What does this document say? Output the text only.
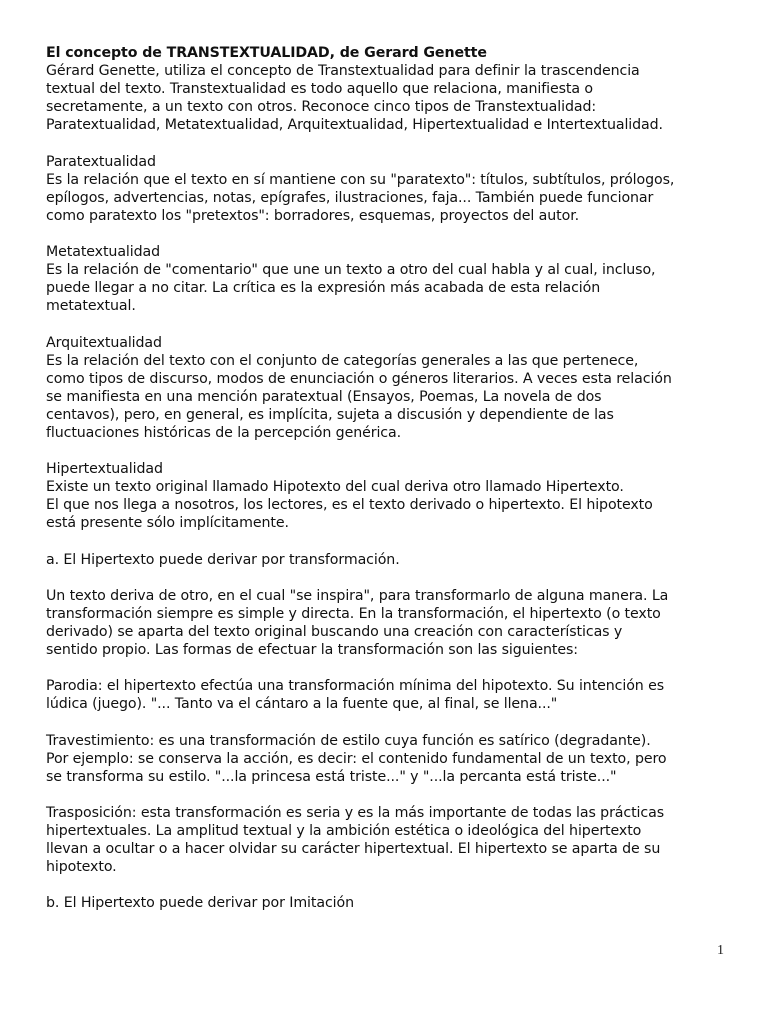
El concepto de TRANSTEXTUALIDAD, de Gerard Genette
Gérard Genette, utiliza el concepto de Transtextualidad para definir la trascendencia
textual del texto. Transtextualidad es todo aquello que relaciona, manifiesta o
secretamente, a un texto con otros. Reconoce cinco tipos de Transtextualidad:
Paratextualidad, Metatextualidad, Arquitextualidad, Hipertextualidad e Intertextualidad.

Paratextualidad
Es la relación que el texto en sí mantiene con su "paratexto": títulos, subtítulos, prólogos,
epílogos, advertencias, notas, epígrafes, ilustraciones, faja... También puede funcionar
como paratexto los "pretextos": borradores, esquemas, proyectos del autor.

Metatextualidad
Es la relación de "comentario" que une un texto a otro del cual habla y al cual, incluso,
puede llegar a no citar. La crítica es la expresión más acabada de esta relación
metatextual.

Arquitextualidad
Es la relación del texto con el conjunto de categorías generales a las que pertenece,
como tipos de discurso, modos de enunciación o géneros literarios. A veces esta relación
se manifiesta en una mención paratextual (Ensayos, Poemas, La novela de dos
centavos), pero, en general, es implícita, sujeta a discusión y dependiente de las
fluctuaciones históricas de la percepción genérica.

Hipertextualidad
Existe un texto original llamado Hipotexto del cual deriva otro llamado Hipertexto.
El que nos llega a nosotros, los lectores, es el texto derivado o hipertexto. El hipotexto
está presente sólo implícitamente.

a. El Hipertexto puede derivar por transformación.

Un texto deriva de otro, en el cual "se inspira", para transformarlo de alguna manera. La
transformación siempre es simple y directa. En la transformación, el hipertexto (o texto
derivado) se aparta del texto original buscando una creación con características y
sentido propio. Las formas de efectuar la transformación son las siguientes:

Parodia: el hipertexto efectúa una transformación mínima del hipotexto. Su intención es
lúdica (juego). "... Tanto va el cántaro a la fuente que, al final, se llena..."

Travestimiento: es una transformación de estilo cuya función es satírico (degradante).
Por ejemplo: se conserva la acción, es decir: el contenido fundamental de un texto, pero
se transforma su estilo. "...la princesa está triste..." y "...la percanta está triste..."

Trasposición: esta transformación es seria y es la más importante de todas las prácticas
hipertextuales. La amplitud textual y la ambición estética o ideológica del hipertexto
llevan a ocultar o a hacer olvidar su carácter hipertextual. El hipertexto se aparta de su
hipotexto.

b. El Hipertexto puede derivar por Imitación

1
